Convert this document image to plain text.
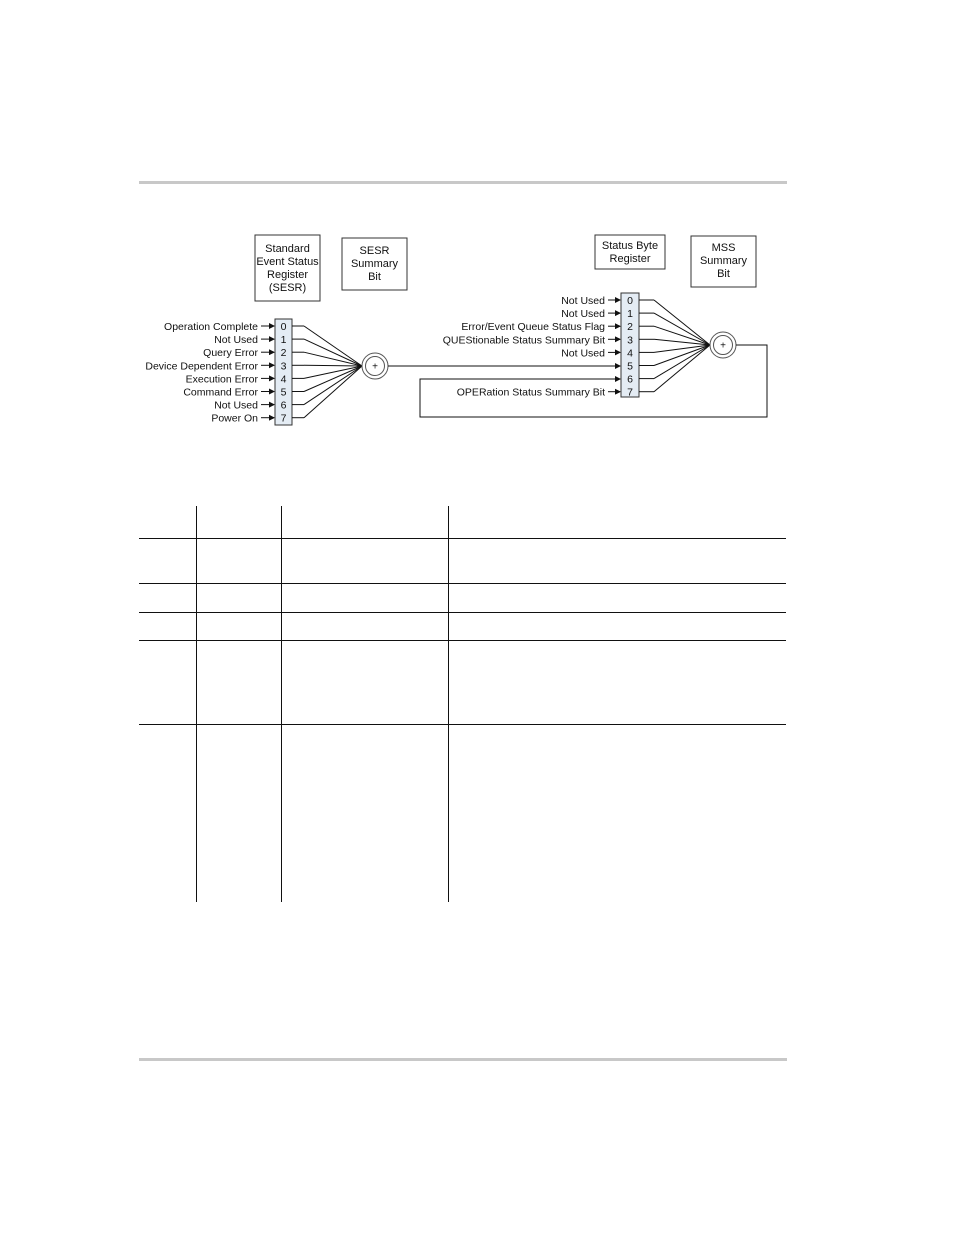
Standard
Event Status
Register
(SESR)
SESR
Summary
Bit
Status Byte
Register
MSS
Summary
Bit
0
1
2
3
4
5
6
7
Operation Complete
Not Used
Query Error
Device Dependent Error
Execution Error
Command Error
Not Used
Power On
+
0
1
2
3
4
5
6
7
Not Used
Not Used
Error/Event Queue Status Flag
QUEStionable Status Summary Bit
Not Used
OPERation Status Summary Bit
+
